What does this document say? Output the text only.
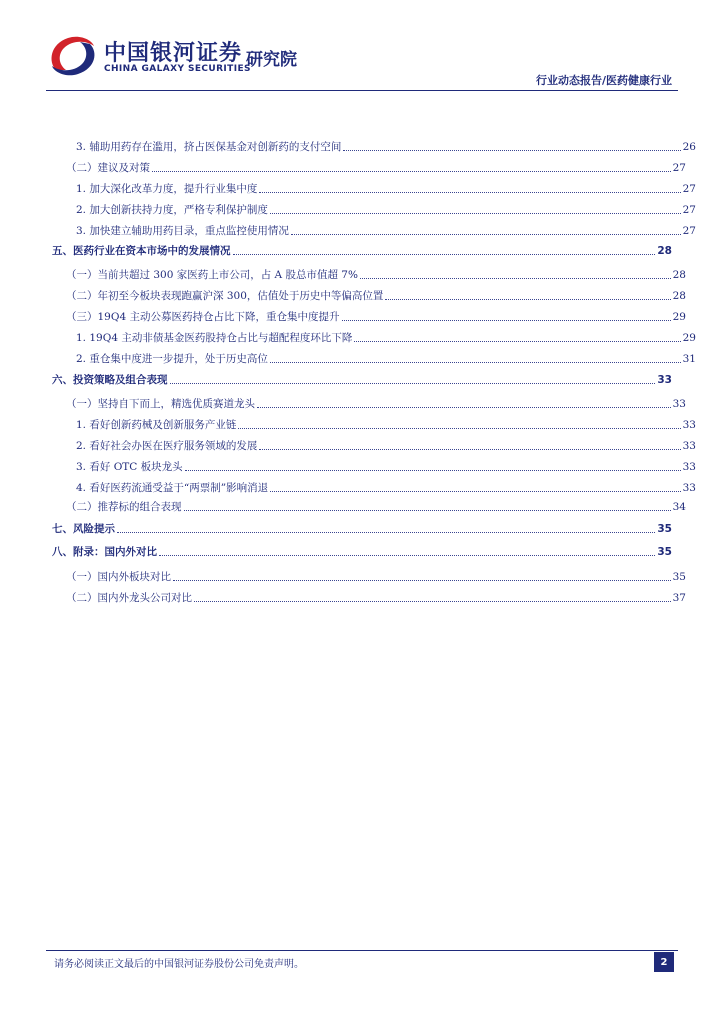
中国银河证券
CHINA GALAXY SECURITIES
研究院
行业动态报告/医药健康行业
3. 辅助用药存在滥用，挤占医保基金对创新药的支付空间	26
（二）建议及对策	27
1. 加大深化改革力度，提升行业集中度	27
2. 加大创新扶持力度，严格专利保护制度	27
3. 加快建立辅助用药目录，重点监控使用情况	27
五、医药行业在资本市场中的发展情况	28
（一）当前共超过 300 家医药上市公司，占 A 股总市值超 7%	28
（二）年初至今板块表现跑赢沪深 300，估值处于历史中等偏高位置	28
（三）19Q4 主动公募医药持仓占比下降，重仓集中度提升	29
1. 19Q4 主动非债基金医药股持仓占比与超配程度环比下降	29
2. 重仓集中度进一步提升，处于历史高位	31
六、投资策略及组合表现	33
（一）坚持自下而上，精选优质赛道龙头	33
1. 看好创新药械及创新服务产业链	33
2. 看好社会办医在医疗服务领域的发展	33
3. 看好 OTC 板块龙头	33
4. 看好医药流通受益于“两票制”影响消退	33
（二）推荐标的组合表现	34
七、风险提示	35
八、附录：国内外对比	35
（一）国内外板块对比	35
（二）国内外龙头公司对比	37
请务必阅读正文最后的中国银河证券股份公司免责声明。	2
